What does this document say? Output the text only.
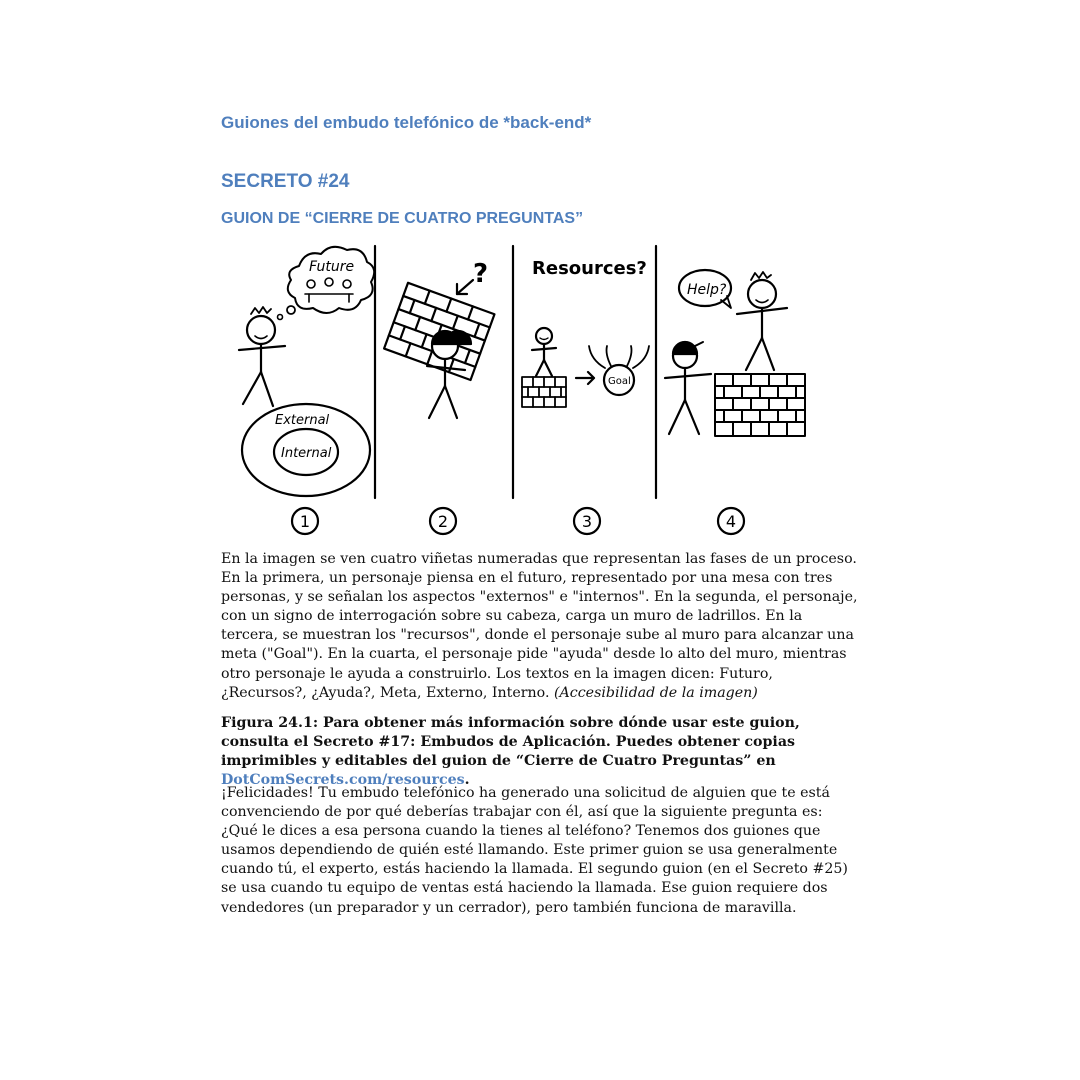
Guiones del embudo telefónico de *back-end*
SECRETO #24
GUION DE “CIERRE DE CUATRO PREGUNTAS”
Future
External
Internal
? Resources?
Goal
Help?
1	2	3	4

En la imagen se ven cuatro viñetas numeradas que representan las fases de un proceso. En la primera, un personaje piensa en el futuro, representado por una mesa con tres personas, y se señalan los aspectos "externos" e "internos". En la segunda, el personaje, con un signo de interrogación sobre su cabeza, carga un muro de ladrillos. En la tercera, se muestran los "recursos", donde el personaje sube al muro para alcanzar una meta ("Goal"). En la cuarta, el personaje pide "ayuda" desde lo alto del muro, mientras otro personaje le ayuda a construirlo. Los textos en la imagen dicen: Futuro, ¿Recursos?, ¿Ayuda?, Meta, Externo, Interno. (Accesibilidad de la imagen)

Figura 24.1: Para obtener más información sobre dónde usar este guion, consulta el Secreto #17: Embudos de Aplicación. Puedes obtener copias imprimibles y editables del guion de “Cierre de Cuatro Preguntas” en DotComSecrets.com/resources.

¡Felicidades! Tu embudo telefónico ha generado una solicitud de alguien que te está convenciendo de por qué deberías trabajar con él, así que la siguiente pregunta es: ¿Qué le dices a esa persona cuando la tienes al teléfono? Tenemos dos guiones que usamos dependiendo de quién esté llamando. Este primer guion se usa generalmente cuando tú, el experto, estás haciendo la llamada. El segundo guion (en el Secreto #25) se usa cuando tu equipo de ventas está haciendo la llamada. Ese guion requiere dos vendedores (un preparador y un cerrador), pero también funciona de maravilla.
